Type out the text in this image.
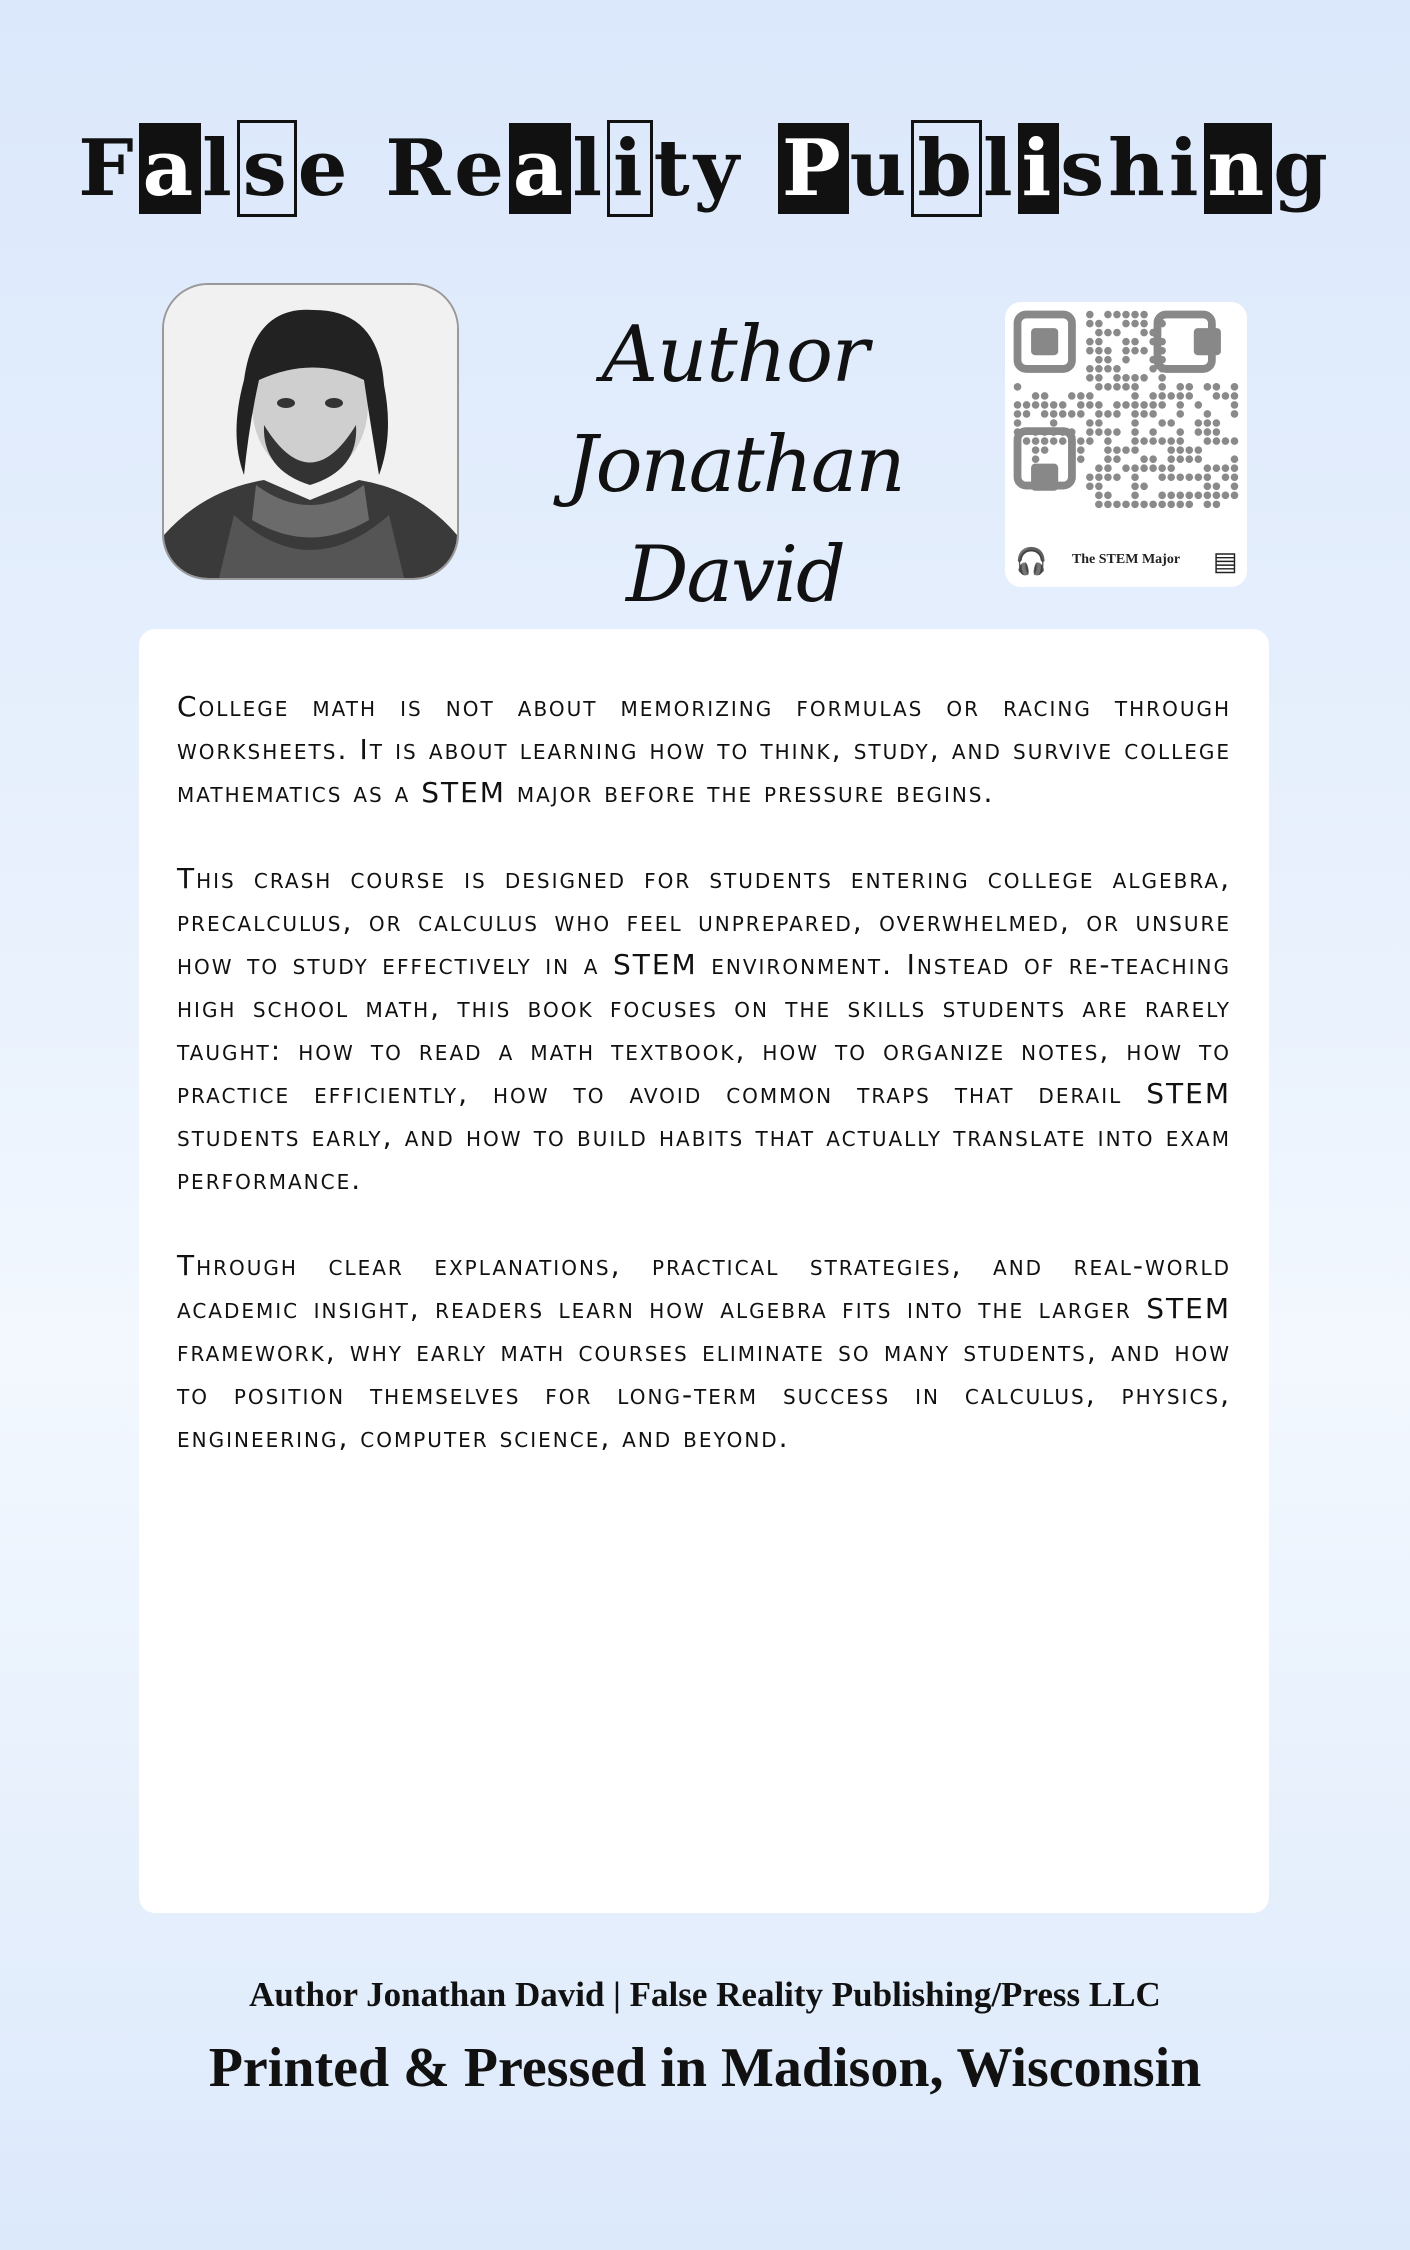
False Reality Publishing
Author
Jonathan David	🎧	The STEM Major	▤

College math is not about memorizing formulas or racing through worksheets. It is about learning how to think, study, and survive college mathematics as a STEM major before the pressure begins.

This crash course is designed for students entering college algebra, precalculus, or calculus who feel unprepared, overwhelmed, or unsure how to study effectively in a STEM environment. Instead of re-teaching high school math, this book focuses on the skills students are rarely taught: how to read a math textbook, how to organize notes, how to practice efficiently, how to avoid common traps that derail STEM students early, and how to build habits that actually translate into exam performance.

Through clear explanations, practical strategies, and real-world academic insight, readers learn how algebra fits into the larger STEM framework, why early math courses eliminate so many students, and how to position themselves for long-term success in calculus, physics, engineering, computer science, and beyond.

Author Jonathan David | False Reality Publishing/Press LLC
Printed & Pressed in Madison, Wisconsin
